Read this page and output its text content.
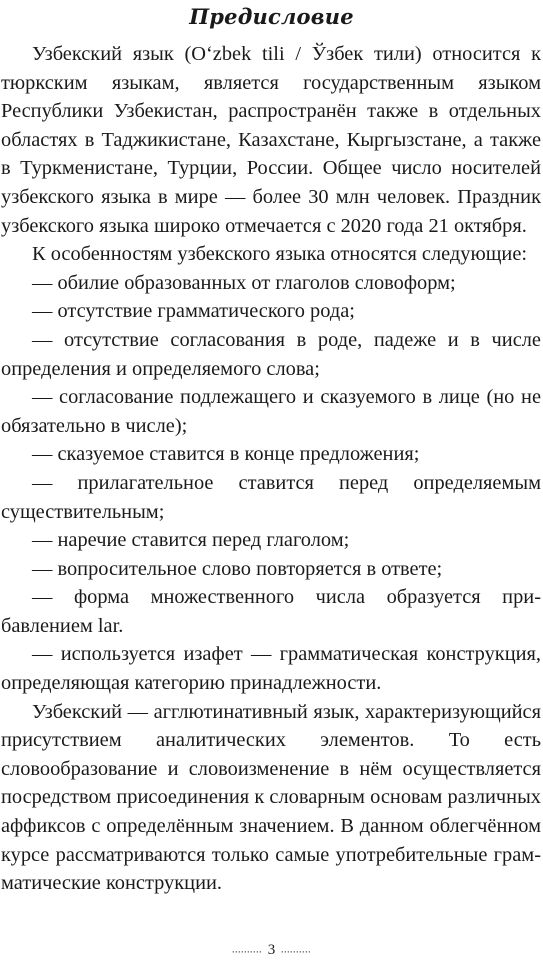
Предисловие

Узбекский язык (O‘zbek tili / Ўзбек тили) относится к тюркским языкам, является государственным языком Республики Узбекистан, распространён также в отдельных областях в Таджикистане, Казахстане, Кыргызстане, а также в Туркменистане, Турции, России. Общее число носителей узбекского языка в мире — более 30 млн человек. Праздник узбекского языка широко отмечается с 2020 года 21 октября.

К особенностям узбекского языка относятся следующие:

— обилие образованных от глаголов словоформ;

— отсутствие грамматического рода;

— отсутствие согласования в роде, падеже и в числе определения и определяемого слова;

— согласование подлежащего и сказуемого в лице (но не обязательно в числе);

— сказуемое ставится в конце предложения;

— прилагательное ставится перед определяемым существительным;

— наречие ставится перед глаголом;

— вопросительное слово повторяется в ответе;

— форма множественного числа образуется прибавлением lar.

— используется изафет — грамматическая конструкция, определяющая категорию принадлежности.

Узбекский — агглютинативный язык, характеризующийся присутствием аналитических элементов. То есть словообразование и словоизменение в нём осуществляется посредством присоединения к словарным основам различных аффиксов с определённым значением. В данном облегчённом курсе рассматриваются только самые употребительные грамматические конструкции.

.......... 3 ..........
